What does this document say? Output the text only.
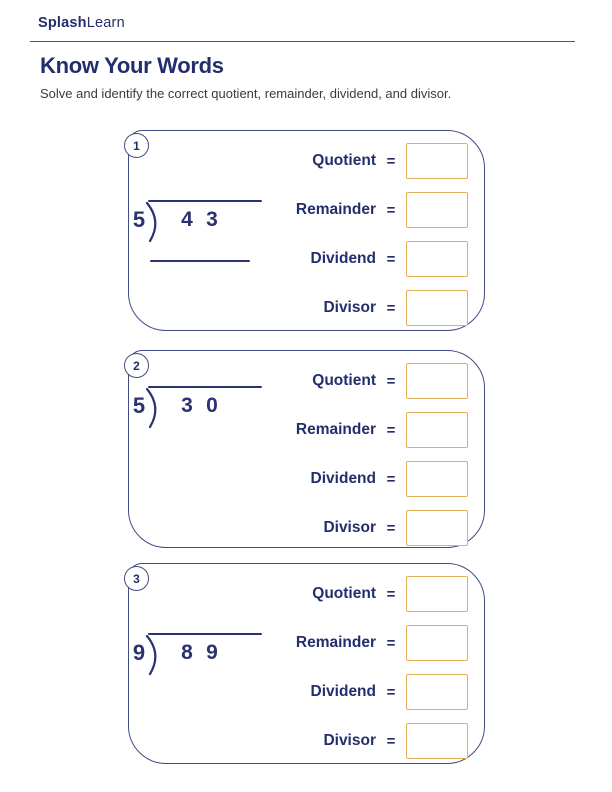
SplashLearn
Know Your Words

Solve and identify the correct quotient, remainder, dividend, and divisor.

1
5 4 3
Quotient =
Remainder =
Dividend =
Divisor =
2
5 3 0
Quotient =
Remainder =
Dividend =
Divisor =
3
9 8 9
Quotient =
Remainder =
Dividend =
Divisor =
